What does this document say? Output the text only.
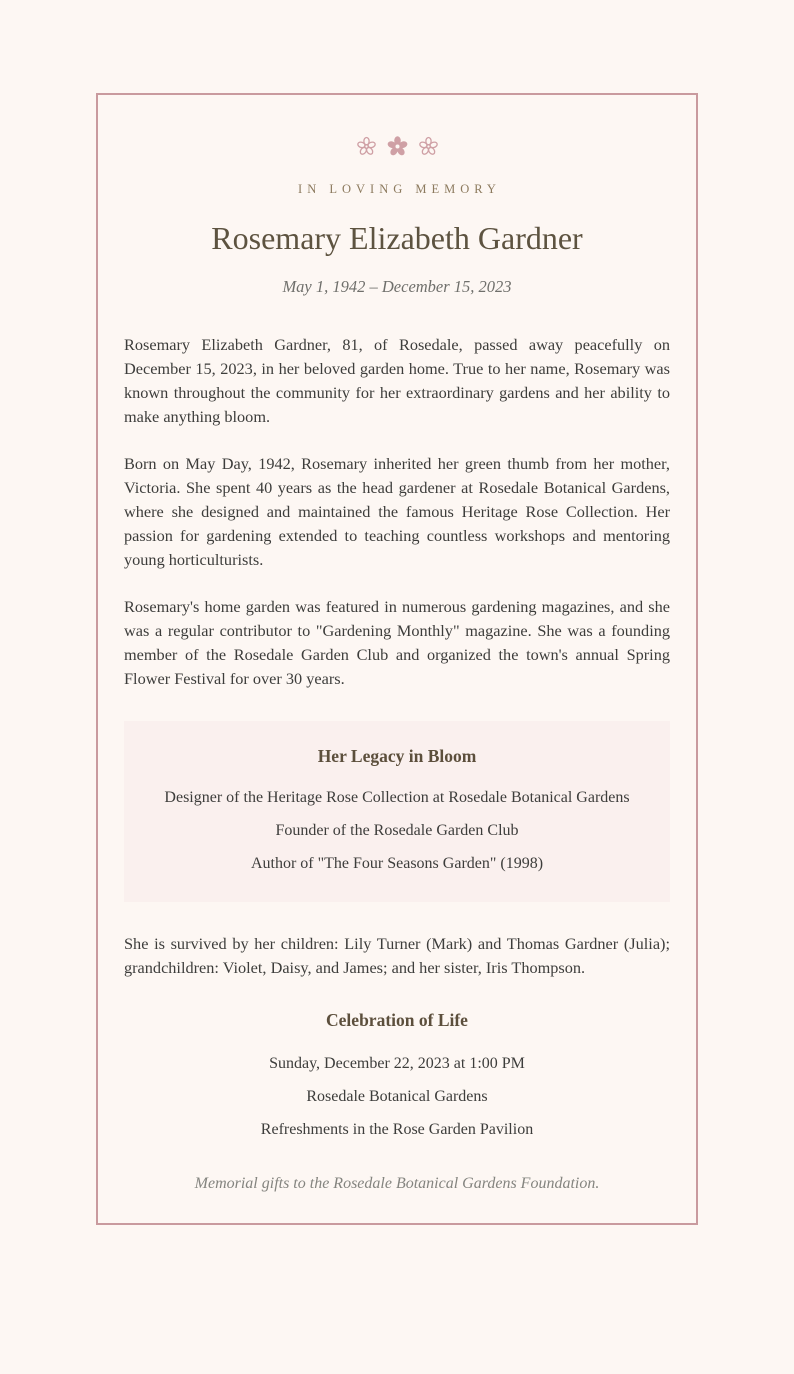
IN LOVING MEMORY
Rosemary Elizabeth Gardner
May 1, 1942 – December 15, 2023

Rosemary Elizabeth Gardner, 81, of Rosedale, passed away peacefully on December 15, 2023, in her beloved garden home. True to her name, Rosemary was known throughout the community for her extraordinary gardens and her ability to make anything bloom.

Born on May Day, 1942, Rosemary inherited her green thumb from her mother, Victoria. She spent 40 years as the head gardener at Rosedale Botanical Gardens, where she designed and maintained the famous Heritage Rose Collection. Her passion for gardening extended to teaching countless workshops and mentoring young horticulturists.

Rosemary's home garden was featured in numerous gardening magazines, and she was a regular contributor to "Gardening Monthly" magazine. She was a founding member of the Rosedale Garden Club and organized the town's annual Spring Flower Festival for over 30 years.

Her Legacy in Bloom
Designer of the Heritage Rose Collection at Rosedale Botanical Gardens
Founder of the Rosedale Garden Club
Author of "The Four Seasons Garden" (1998)

She is survived by her children: Lily Turner (Mark) and Thomas Gardner (Julia); grandchildren: Violet, Daisy, and James; and her sister, Iris Thompson.

Celebration of Life
Sunday, December 22, 2023 at 1:00 PM
Rosedale Botanical Gardens
Refreshments in the Rose Garden Pavilion
Memorial gifts to the Rosedale Botanical Gardens Foundation.
